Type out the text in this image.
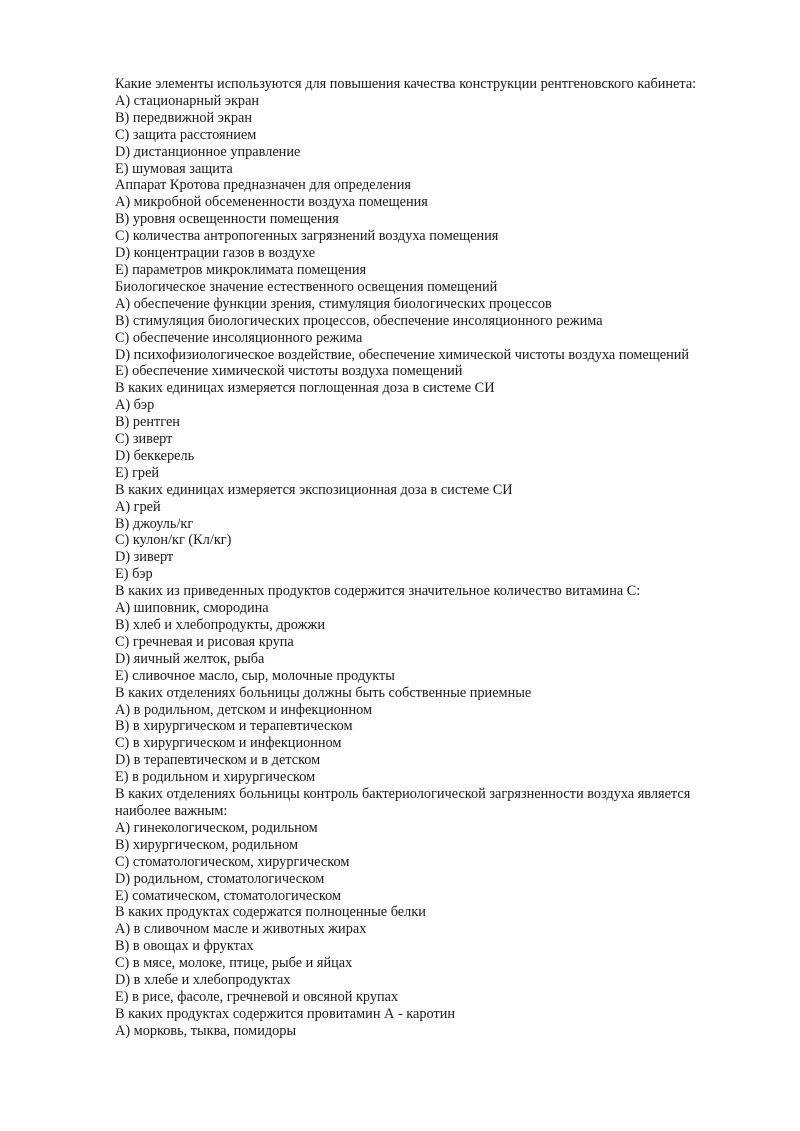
Какие элементы используются для повышения качества конструкции рентгеновского кабинета:
A) стационарный экран
B) передвижной экран
C) защита расстоянием
D) дистанционное управление
E) шумовая защита
Аппарат Кротова предназначен для определения
A) микробной обсемененности воздуха помещения
B) уровня освещенности помещения
C) количества антропогенных загрязнений воздуха помещения
D) концентрации газов в воздухе
E) параметров микроклимата помещения
Биологическое значение естественного освещения помещений
A) обеспечение функции зрения, стимуляция биологических процессов
B) стимуляция биологических процессов, обеспечение инсоляционного режима
C) обеспечение инсоляционного режима
D) психофизиологическое воздействие, обеспечение химической чистоты воздуха помещений
E) обеспечение химической чистоты воздуха помещений
В каких единицах измеряется поглощенная доза в системе СИ
A) бэр
B) рентген
C) зиверт
D) беккерель
E) грей
В каких единицах измеряется экспозиционная доза в системе СИ
A) грей
B) джоуль/кг
C) кулон/кг (Кл/кг)
D) зиверт
E) бэр
В каких из приведенных продуктов содержится значительное количество витамина С:
A) шиповник, смородина
B) хлеб и хлебопродукты, дрожжи
C) гречневая и рисовая крупа
D) яичный желток, рыба
E) сливочное масло, сыр, молочные продукты
В каких отделениях больницы должны быть собственные приемные
A) в родильном, детском и инфекционном
B) в хирургическом и терапевтическом
C) в хирургическом и инфекционном
D) в терапевтическом и в детском
E) в родильном и хирургическом
В каких отделениях больницы контроль бактериологической загрязненности воздуха является наиболее важным:
A) гинекологическом, родильном
B) хирургическом, родильном
C) стоматологическом, хирургическом
D) родильном, стоматологическом
E) соматическом, стоматологическом
В каких продуктах содержатся полноценные белки
A) в сливочном масле и животных жирах
B) в овощах и фруктах
C) в мясе, молоке, птице, рыбе и яйцах
D) в хлебе и хлебопродуктах
E) в рисе, фасоле, гречневой и овсяной крупах
В каких продуктах содержится провитамин А - каротин
A) морковь, тыква, помидоры
